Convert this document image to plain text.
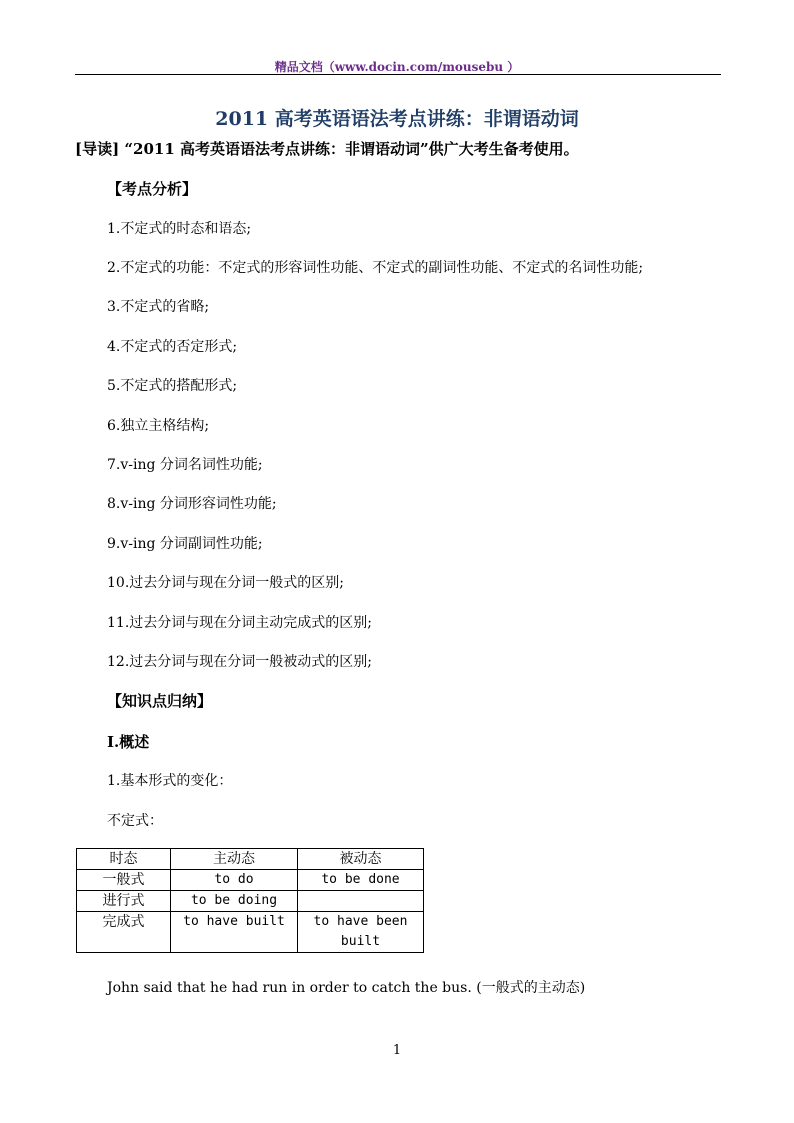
精品文档（www.docin.com/mousebu ）
2011 高考英语语法考点讲练：非谓语动词
[导读] “2011 高考英语语法考点讲练：非谓语动词”供广大考生备考使用。
【考点分析】
1.不定式的时态和语态;
2.不定式的功能：不定式的形容词性功能、不定式的副词性功能、不定式的名词性功能;
3.不定式的省略;
4.不定式的否定形式;
5.不定式的搭配形式;
6.独立主格结构;
7.v-ing 分词名词性功能;
8.v-ing 分词形容词性功能;
9.v-ing 分词副词性功能;
10.过去分词与现在分词一般式的区别;
11.过去分词与现在分词主动完成式的区别;
12.过去分词与现在分词一般被动式的区别;
【知识点归纳】
I.概述
1.基本形式的变化：
不定式：
时态	主动态	被动态
一般式	to do	to be done
进行式	to be doing	
完成式	to have built	to have been built
John said that he had run in order to catch the bus. (一般式的主动态)
1
